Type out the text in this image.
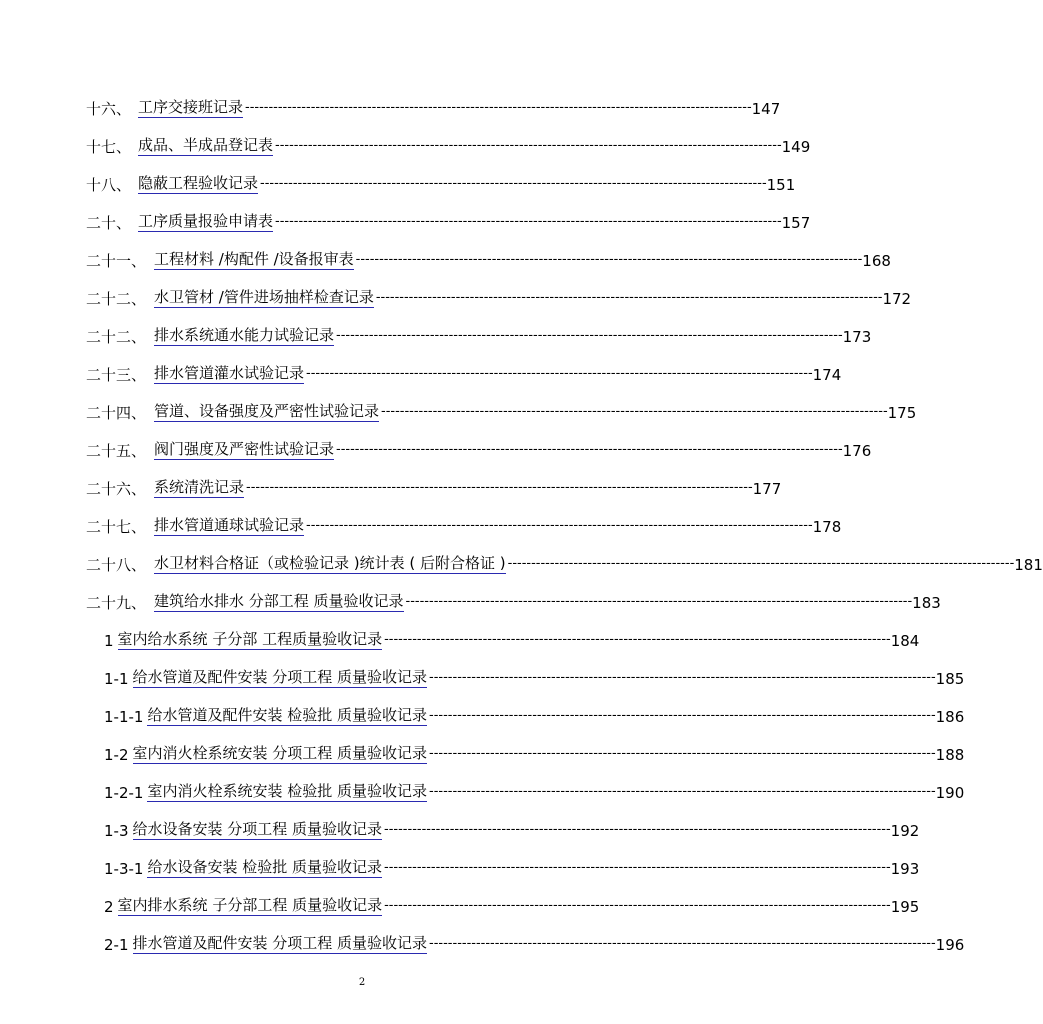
十六、 工序交接班记录 ------------------------------------------------------------------------------------------------------------ 147
十七、 成品、半成品登记表 ------------------------------------------------------------------------------------------------------------ 149
十八、 隐蔽工程验收记录 ------------------------------------------------------------------------------------------------------------ 151
二十、 工序质量报验申请表 ------------------------------------------------------------------------------------------------------------ 157
二十一、 工程材料 /构配件 /设备报审表 ------------------------------------------------------------------------------------------------------------ 168
二十二、 水卫管材 /管件进场抽样检查记录 ------------------------------------------------------------------------------------------------------------ 172
二十二、 排水系统通水能力试验记录 ------------------------------------------------------------------------------------------------------------ 173
二十三、 排水管道灌水试验记录 ------------------------------------------------------------------------------------------------------------ 174
二十四、 管道、设备强度及严密性试验记录 ------------------------------------------------------------------------------------------------------------ 175
二十五、 阀门强度及严密性试验记录 ------------------------------------------------------------------------------------------------------------ 176
二十六、 系统清洗记录 ------------------------------------------------------------------------------------------------------------ 177
二十七、 排水管道通球试验记录 ------------------------------------------------------------------------------------------------------------ 178
二十八、 水卫材料合格证（或检验记录 )统计表 ( 后附合格证 ) ------------------------------------------------------------------------------------------------------------ 181
二十九、 建筑给水排水 分部工程 质量验收记录 ------------------------------------------------------------------------------------------------------------ 183
1 室内给水系统 子分部 工程质量验收记录 ------------------------------------------------------------------------------------------------------------ 184
1-1 给水管道及配件安装 分项工程 质量验收记录 ------------------------------------------------------------------------------------------------------------ 185
1-1-1 给水管道及配件安装 检验批 质量验收记录 ------------------------------------------------------------------------------------------------------------ 186
1-2 室内消火栓系统安装 分项工程 质量验收记录 ------------------------------------------------------------------------------------------------------------ 188
1-2-1 室内消火栓系统安装 检验批 质量验收记录 ------------------------------------------------------------------------------------------------------------ 190
1-3 给水设备安装 分项工程 质量验收记录 ------------------------------------------------------------------------------------------------------------ 192
1-3-1 给水设备安装 检验批 质量验收记录 ------------------------------------------------------------------------------------------------------------ 193
2 室内排水系统 子分部工程 质量验收记录 ------------------------------------------------------------------------------------------------------------ 195
2-1 排水管道及配件安装 分项工程 质量验收记录 ------------------------------------------------------------------------------------------------------------ 196
2
